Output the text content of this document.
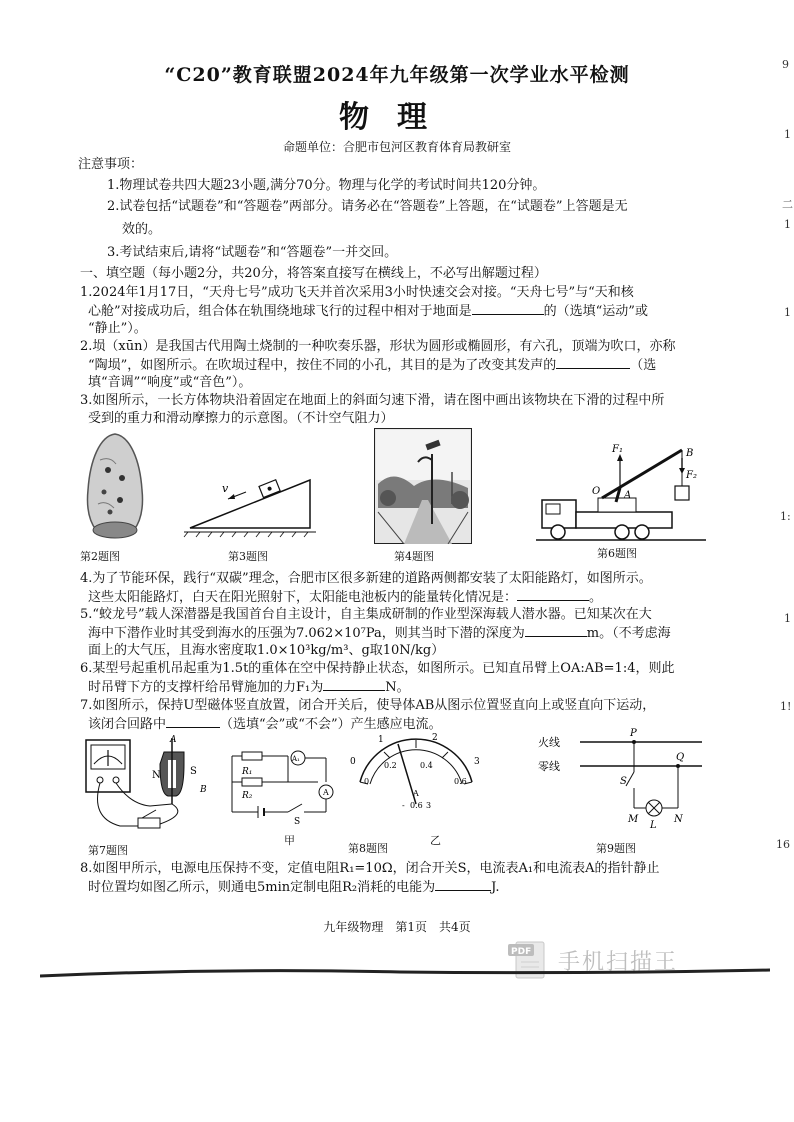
“C20”教育联盟2024年九年级第一次学业水平检测
物理
命题单位：合肥市包河区教育体育局教研室
注意事项：
1.物理试卷共四大题23小题,满分70分。物理与化学的考试时间共120分钟。
2.试卷包括“试题卷”和“答题卷”两部分。请务必在“答题卷”上答题，在“试题卷”上答题是无
效的。
3.考试结束后,请将“试题卷”和“答题卷”一并交回。
一、填空题（每小题2分，共20分，将答案直接写在横线上，不必写出解题过程）
1.2024年1月17日，“天舟七号”成功飞天并首次采用3小时快速交会对接。“天舟七号”与“天和核
心舱”对接成功后，组合体在轨围绕地球飞行的过程中相对于地面是	的（选填“运动”或
“静止”）。
2.埙（xūn）是我国古代用陶土烧制的一种吹奏乐器，形状为圆形或椭圆形，有六孔，顶端为吹口，亦称
“陶埙”，如图所示。在吹埙过程中，按住不同的小孔，其目的是为了改变其发声的	（选
填“音调”“响度”或“音色”）。
3.如图所示，一长方体物块沿着固定在地面上的斜面匀速下滑，请在图中画出该物块在下滑的过程中所
受到的重力和滑动摩擦力的示意图。（不计空气阻力）
第2题图
v
第3题图	第4题图
F₁	B
F₂
O A
第6题图
4.为了节能环保，践行“双碳”理念，合肥市区很多新建的道路两侧都安装了太阳能路灯，如图所示。
这些太阳能路灯，白天在阳光照射下，太阳能电池板内的能量转化情况是：	。
5.“蛟龙号”载人深潜器是我国首台自主设计，自主集成研制的作业型深海载人潜水器。已知某次在大
海中下潜作业时其受到海水的压强为7.062×10⁷Pa，则其当时下潜的深度为	m。（不考虑海
面上的大气压，且海水密度取1.0×10³kg/m³、g取10N/kg）
6.某型号起重机吊起重为1.5t的重体在空中保持静止状态，如图所示。已知直吊臂上OA:AB=1:4，则此
时吊臂下方的支撑杆给吊臂施加的力F₁为	N。
7.如图所示，保持U型磁体竖直放置，闭合开关后，使导体AB从图示位置竖直向上或竖直向下运动，
该闭合回路中	（选填“会”或“不会”）产生感应电流。
A
B
N	S
第7题图
R₁
R₂
A₁
A
S
甲
0
1	2
3
0.2	0.4
0	0.6
A
- 0.6 3
第8题图
乙
火线
零线
P
Q
S
M
L
N
第9题图
8.如图甲所示，电源电压保持不变，定值电阻R₁=10Ω，闭合开关S，电流表A₁和电流表A的指针静止
时位置均如图乙所示，则通电5min定制电阻R₂消耗的电能为	J.
九年级物理　第1页　共4页
PDF 手机扫描王
9
1
二
1
1
1:
1
1!
16
